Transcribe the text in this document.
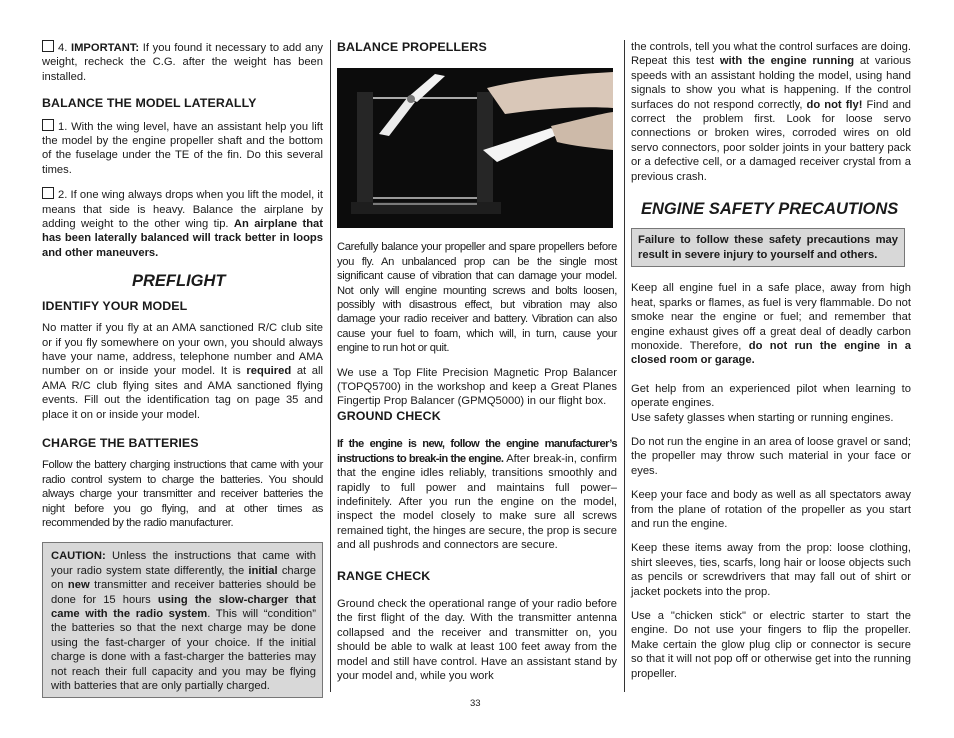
4. IMPORTANT: If you found it necessary to add any weight, recheck the C.G. after the weight has been installed.

BALANCE THE MODEL LATERALLY

1. With the wing level, have an assistant help you lift the model by the engine propeller shaft and the bottom of the fuselage under the TE of the fin. Do this several times.

2. If one wing always drops when you lift the model, it means that side is heavy. Balance the airplane by adding weight to the other wing tip. An airplane that has been laterally balanced will track better in loops and other maneuvers.

PREFLIGHT
IDENTIFY YOUR MODEL

No matter if you fly at an AMA sanctioned R/C club site or if you fly somewhere on your own, you should always have your name, address, telephone number and AMA number on or inside your model. It is required at all AMA R/C club flying sites and AMA sanctioned flying events. Fill out the identification tag on page 35 and place it on or inside your model.

CHARGE THE BATTERIES

Follow the battery charging instructions that came with your radio control system to charge the batteries. You should always charge your transmitter and receiver batteries the night before you go flying, and at other times as recommended by the radio manufacturer.

CAUTION: Unless the instructions that came with your radio system state differently, the initial charge on new transmitter and receiver batteries should be done for 15 hours using the slow-charger that came with the radio system. This will “condition” the batteries so that the next charge may be done using the fast-charger of your choice. If the initial charge is done with a fast-charger the batteries may not reach their full capacity and you may be flying with batteries that are only partially charged.
BALANCE PROPELLERS

Carefully balance your propeller and spare propellers before you fly. An unbalanced prop can be the single most significant cause of vibration that can damage your model. Not only will engine mounting screws and bolts loosen, possibly with disastrous effect, but vibration may also damage your radio receiver and battery. Vibration can also cause your fuel to foam, which will, in turn, cause your engine to run hot or quit.

We use a Top Flite Precision Magnetic Prop Balancer (TOPQ5700) in the workshop and keep a Great Planes Fingertip Prop Balancer (GPMQ5000) in our flight box.

GROUND CHECK

If the engine is new, follow the engine manufacturer’s instructions to break-in the engine. After break-in, confirm that the engine idles reliably, transitions smoothly and rapidly to full power and maintains full power–indefinitely. After you run the engine on the model, inspect the model closely to make sure all screws remained tight, the hinges are secure, the prop is secure and all pushrods and connectors are secure.

RANGE CHECK

Ground check the operational range of your radio before the first flight of the day. With the transmitter antenna collapsed and the receiver and transmitter on, you should be able to walk at least 100 feet away from the model and still have control. Have an assistant stand by your model and, while you work

the controls, tell you what the control surfaces are doing. Repeat this test with the engine running at various speeds with an assistant holding the model, using hand signals to show you what is happening. If the control surfaces do not respond correctly, do not fly! Find and correct the problem first. Look for loose servo connections or broken wires, corroded wires on old servo connectors, poor solder joints in your battery pack or a defective cell, or a damaged receiver crystal from a previous crash.

ENGINE SAFETY PRECAUTIONS
Failure to follow these safety precautions may result in severe injury to yourself and others.

Keep all engine fuel in a safe place, away from high heat, sparks or flames, as fuel is very flammable. Do not smoke near the engine or fuel; and remember that engine exhaust gives off a great deal of deadly carbon monoxide. Therefore, do not run the engine in a closed room or garage.

Get help from an experienced pilot when learning to operate engines.
Use safety glasses when starting or running engines.

Do not run the engine in an area of loose gravel or sand; the propeller may throw such material in your face or eyes.

Keep your face and body as well as all spectators away from the plane of rotation of the propeller as you start and run the engine.

Keep these items away from the prop: loose clothing, shirt sleeves, ties, scarfs, long hair or loose objects such as pencils or screwdrivers that may fall out of shirt or jacket pockets into the prop.

Use a "chicken stick" or electric starter to start the engine. Do not use your fingers to flip the propeller. Make certain the glow plug clip or connector is secure so that it will not pop off or otherwise get into the running propeller.

33
